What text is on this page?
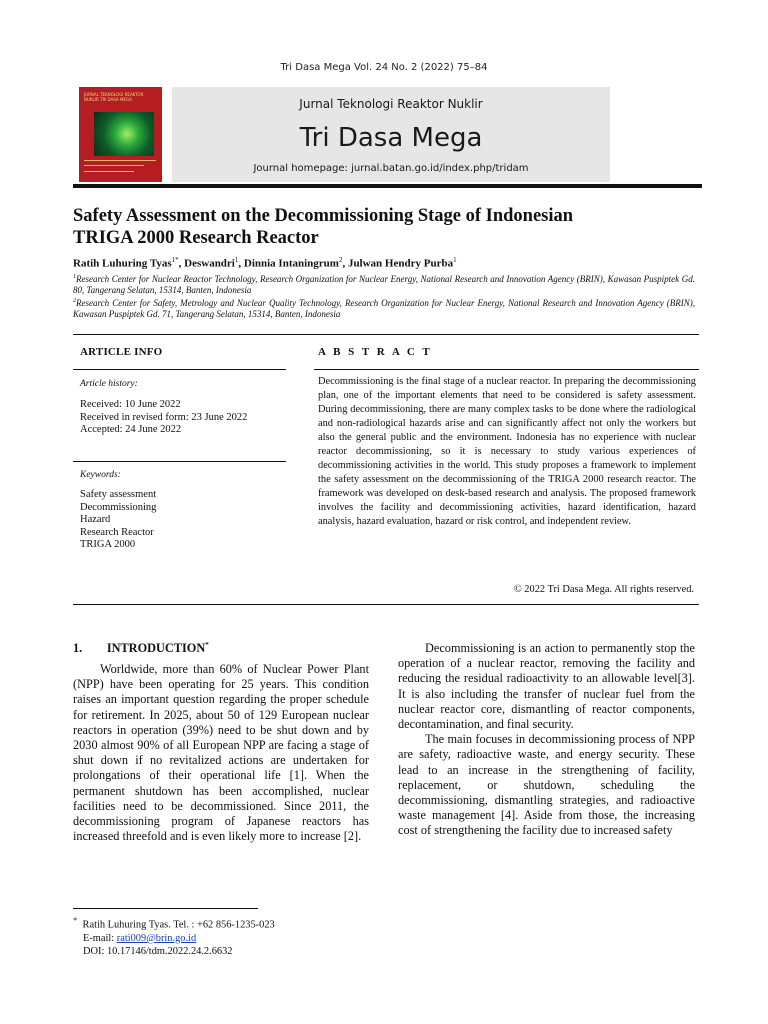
Tri Dasa Mega Vol. 24 No. 2 (2022) 75–84
JURNAL TEKNOLOGI REAKTOR NUKLIR TRI DASA MEGA	Jurnal Teknologi Reaktor Nuklir
Tri Dasa Mega
Journal homepage: jurnal.batan.go.id/index.php/tridam
Safety Assessment on the Decommissioning Stage of Indonesian
TRIGA 2000 Research Reactor
Ratih Luhuring Tyas$^{1*}$, Deswandri$^1$, Dinnia Intaningrum$^2$, Julwan Hendry Purba$^1$
$^1$Research Center for Nuclear Reactor Technology, Research Organization for Nuclear Energy, National Research and Innovation Agency (BRIN), Kawasan Puspiptek Gd. 80, Tangerang Selatan, 15314, Banten, Indonesia
$^2$Research Center for Safety, Metrology and Nuclear Quality Technology, Research Organization for Nuclear Energy, National Research and Innovation Agency (BRIN), Kawasan Puspiptek Gd. 71, Tangerang Selatan, 15314, Banten, Indonesia
ARTICLE INFO	A B S T R A C T
Article history:
Received: 10 June 2022
Received in revised form: 23 June 2022
Accepted: 24 June 2022
Keywords:
Safety assessment
Decommissioning
Hazard
Research Reactor
TRIGA 2000
Decommissioning is the final stage of a nuclear reactor. In preparing the decommissioning plan, one of the important elements that need to be considered is safety assessment. During decommissioning, there are many complex tasks to be done where the radiological and non-radiological hazards arise and can significantly affect not only the workers but also the general public and the environment. Indonesia has no experience with nuclear reactor decommissioning, so it is necessary to study various experiences of decommissioning activities in the world. This study proposes a framework to implement the safety assessment on the decommissioning of the TRIGA 2000 research reactor. The framework was developed on desk-based research and analysis. The proposed framework involves the facility and decommissioning activities, hazard identification, hazard analysis, hazard evaluation, hazard or risk control, and independent review.
© 2022 Tri Dasa Mega. All rights reserved.
1.  INTRODUCTION*

Worldwide, more than 60% of Nuclear Power Plant (NPP) have been operating for 25 years. This condition raises an important question regarding the proper schedule for retirement. In 2025, about 50 of 129 European nuclear reactors in operation (39%) need to be shut down and by 2030 almost 90% of all European NPP are facing a stage of shut down if no revitalized actions are undertaken for prolongations of their operational life [1]. When the permanent shutdown has been accomplished, nuclear facilities need to be decommissioned. Since 2011, the decommissioning program of Japanese reactors has increased threefold and is even likely more to increase [2].

Decommissioning is an action to permanently stop the operation of a nuclear reactor, removing the facility and reducing the residual radioactivity to an allowable level[3]. It is also including the transfer of nuclear fuel from the nuclear reactor core, dismantling of reactor components, decontamination, and final security.

The main focuses in decommissioning process of NPP are safety, radioactive waste, and energy security. These lead to an increase in the strengthening of facility, replacement, or shutdown, scheduling the decommissioning, dismantling strategies, and radioactive waste management [4]. Aside from those, the increasing cost of strengthening the facility due to increased safety

* Ratih Luhuring Tyas. Tel. : +62 856-1235-023
E-mail: rati009@brin.go.id
DOI: 10.17146/tdm.2022.24.2.6632
